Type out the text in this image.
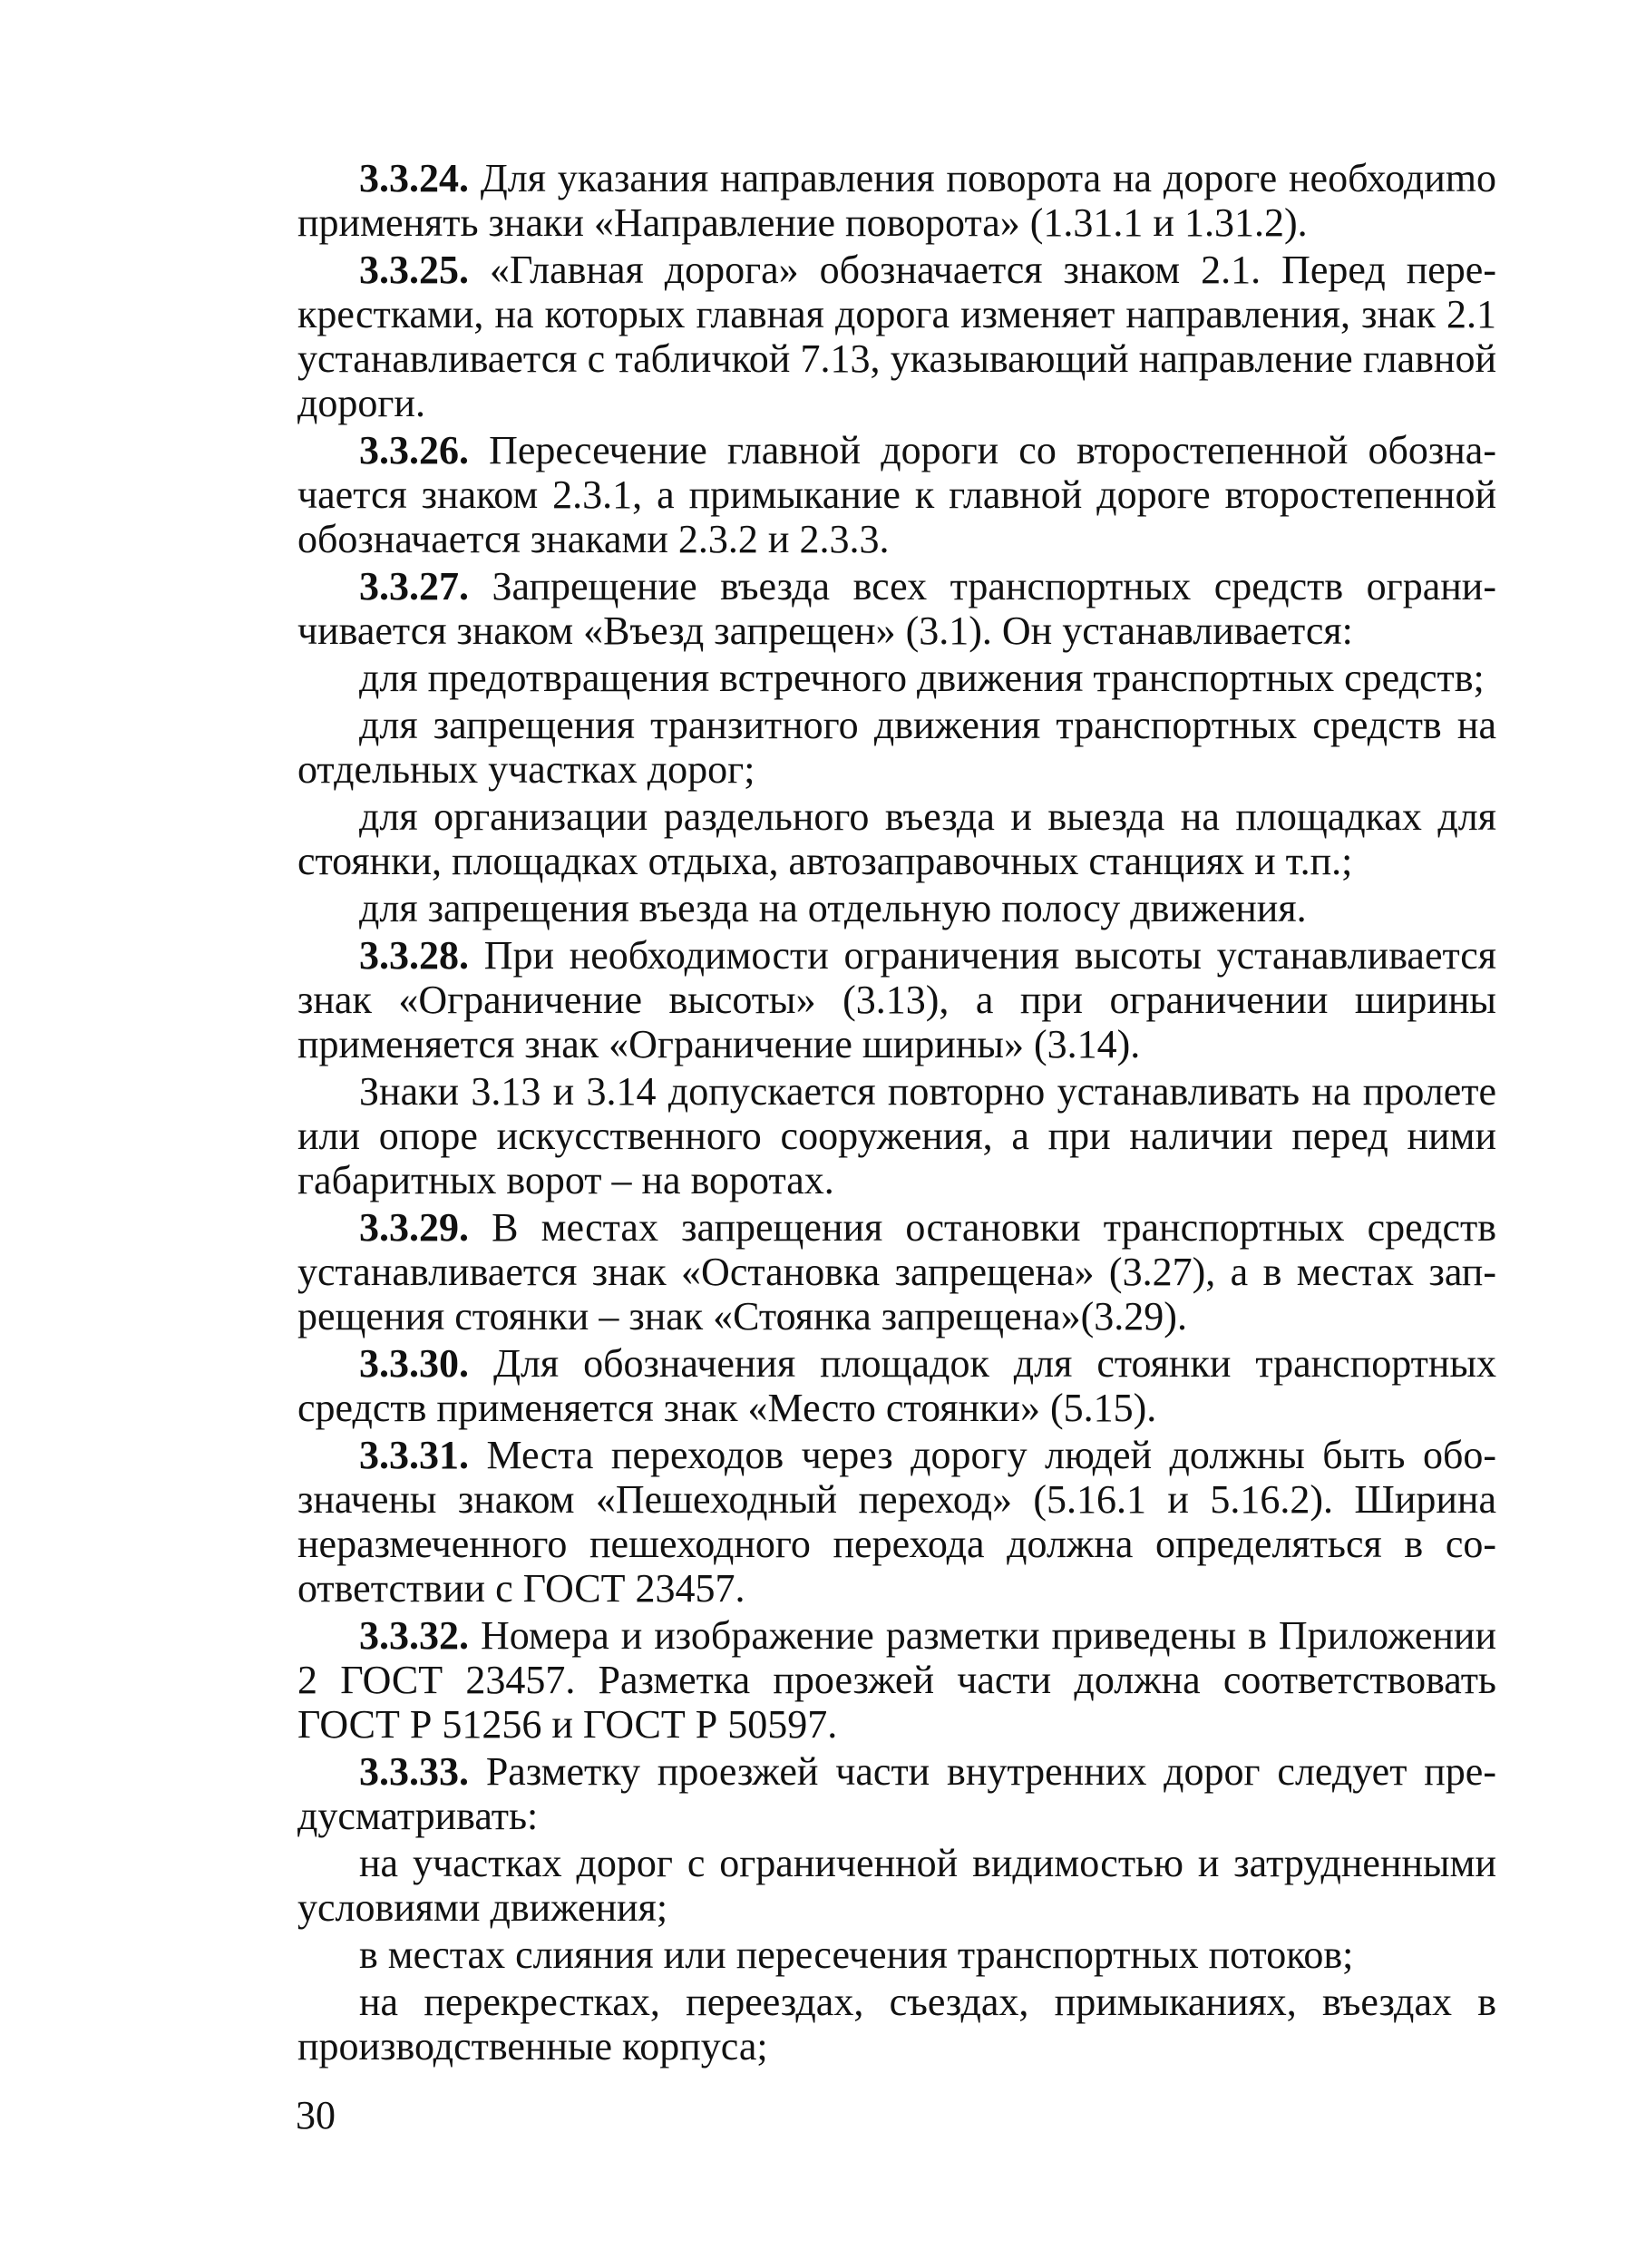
3.3.24. Для указания направления поворота на дороге необходиmо применять знаки «Направление поворота» (1.31.1 и 1.31.2).

3.3.25. «Главная дорога» обозначается знаком 2.1. Перед перекрестками, на которых главная дорога изменяет направления, знак 2.1 устанавливается с табличкой 7.13, указывающий направление главной дороги.

3.3.26. Пересечение главной дороги со второстепенной обозначается знаком 2.3.1, а примыкание к главной дороге второстепенной обозначается знаками 2.3.2 и 2.3.3.

3.3.27. Запрещение въезда всех транспортных средств ограничивается знаком «Въезд запрещен» (3.1). Он устанавливается:

для предотвращения встречного движения транспортных средств;

для запрещения транзитного движения транспортных средств на отдельных участках дорог;

для организации раздельного въезда и выезда на площадках для стоянки, площадках отдыха, автозаправочных станциях и т.п.;

для запрещения въезда на отдельную полосу движения.

3.3.28. При необходимости ограничения высоты устанавливается знак «Ограничение высоты» (3.13), а при ограничении ширины применяется знак «Ограничение ширины» (3.14).

Знаки 3.13 и 3.14 допускается повторно устанавливать на пролете или опоре искусственного сооружения, а при наличии перед ними габаритных ворот – на воротах.

3.3.29. В местах запрещения остановки транспортных средств устанавливается знак «Остановка запрещена» (3.27), а в местах запрещения стоянки – знак «Стоянка запрещена»(3.29).

3.3.30. Для обозначения площадок для стоянки транспортных средств применяется знак «Место стоянки» (5.15).

3.3.31. Места переходов через дорогу людей должны быть обозначены знаком «Пешеходный переход» (5.16.1 и 5.16.2). Ширина неразмеченного пешеходного перехода должна определяться в соответствии с ГОСТ 23457.

3.3.32. Номера и изображение разметки приведены в Приложении 2 ГОСТ 23457. Разметка проезжей части должна соответствовать ГОСТ Р 51256 и ГОСТ Р 50597.

3.3.33. Разметку проезжей части внутренних дорог следует предусматривать:

на участках дорог с ограниченной видимостью и затрудненными условиями движения;

в местах слияния или пересечения транспортных потоков;

на перекрестках, переездах, съездах, примыканиях, въездах в производственные корпуса;

30
